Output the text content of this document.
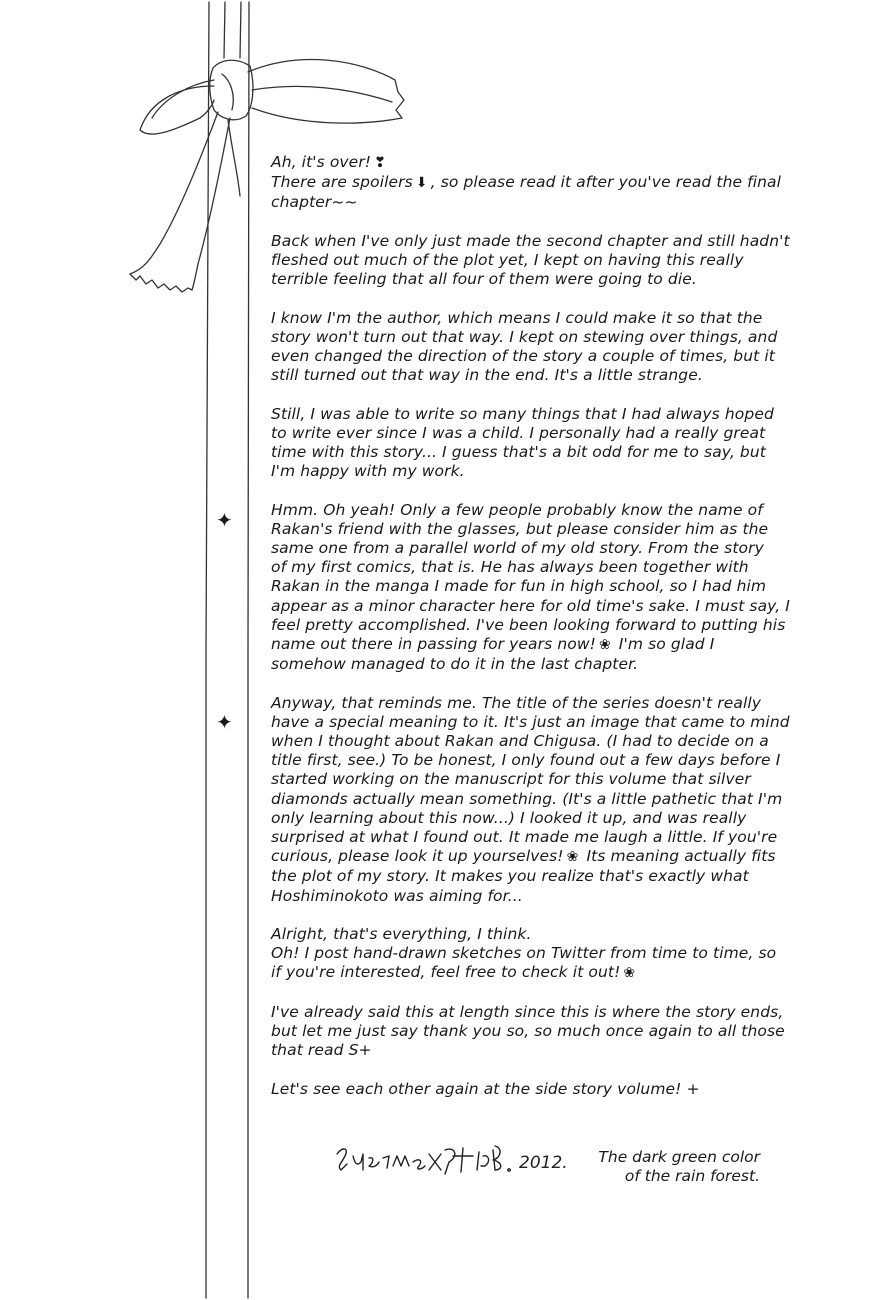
✦
✦

Ah, it's over! ❣
There are spoilers ⬇ , so please read it after you've read the final
chapter~~

Back when I've only just made the second chapter and still hadn't
fleshed out much of the plot yet, I kept on having this really
terrible feeling that all four of them were going to die.

I know I'm the author, which means I could make it so that the
story won't turn out that way. I kept on stewing over things, and
even changed the direction of the story a couple of times, but it
still turned out that way in the end. It's a little strange.

Still, I was able to write so many things that I had always hoped
to write ever since I was a child. I personally had a really great
time with this story... I guess that's a bit odd for me to say, but
I'm happy with my work.

Hmm. Oh yeah! Only a few people probably know the name of
Rakan's friend with the glasses, but please consider him as the
same one from a parallel world of my old story. From the story
of my first comics, that is. He has always been together with
Rakan in the manga I made for fun in high school, so I had him
appear as a minor character here for old time's sake. I must say, I
feel pretty accomplished. I've been looking forward to putting his
name out there in passing for years now! ❀ I'm so glad I
somehow managed to do it in the last chapter.

Anyway, that reminds me. The title of the series doesn't really
have a special meaning to it. It's just an image that came to mind
when I thought about Rakan and Chigusa. (I had to decide on a
title first, see.) To be honest, I only found out a few days before I
started working on the manuscript for this volume that silver
diamonds actually mean something. (It's a little pathetic that I'm
only learning about this now...) I looked it up, and was really
surprised at what I found out. It made me laugh a little. If you're
curious, please look it up yourselves! ❀ Its meaning actually fits
the plot of my story. It makes you realize that's exactly what
Hoshiminokoto was aiming for...

Alright, that's everything, I think.
Oh! I post hand-drawn sketches on Twitter from time to time, so
if you're interested, feel free to check it out! ❀

I've already said this at length since this is where the story ends,
but let me just say thank you so, so much once again to all those
that read S+

Let's see each other again at the side story volume! +

2012.	The dark green color
of the rain forest.
